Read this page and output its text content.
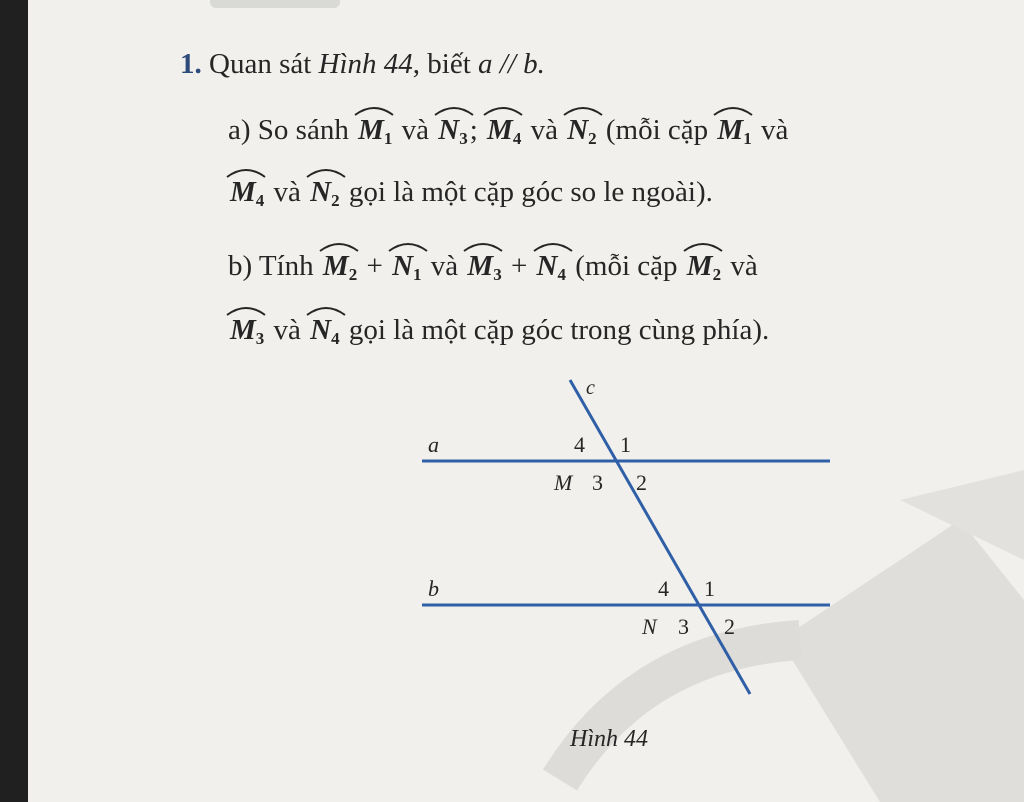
1. Quan sát Hình 44, biết a // b.
a) So sánh $M_1$ và $N_3$; $M_4$ và $N_2$ (mỗi cặp $M_1$ và
$M_4$ và $N_2$ gọi là một cặp góc so le ngoài).
b) Tính $M_2 + N_1$ và $M_3 + N_4$ (mỗi cặp $M_2$ và
$M_3$ và $N_4$ gọi là một cặp góc trong cùng phía).
a
b
c
4 1
M 3 2
4 1
N 3 2
Hình 44
